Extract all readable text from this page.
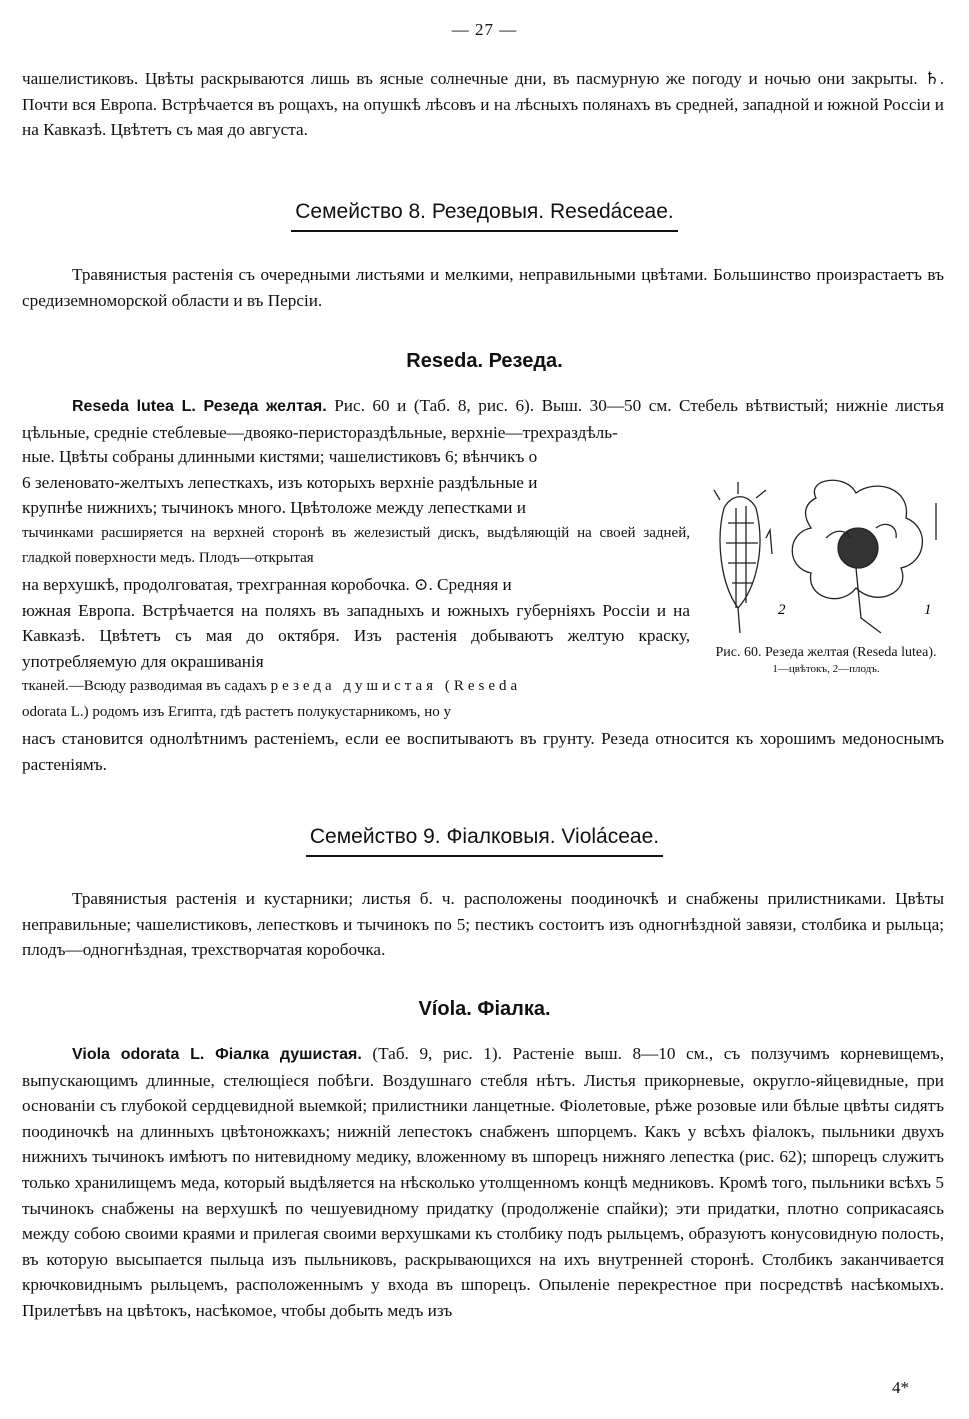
— 27 —
чашелистиковъ. Цвѣты раскрываются лишь въ ясные солнечные дни, въ пасмурную же погоду и ночью они закрыты. ♄. Почти вся Европа. Встрѣчается въ рощахъ, на опушкѣ лѣсовъ и на лѣсныхъ полянахъ въ средней, западной и южной Россіи и на Кавказѣ. Цвѣтетъ съ мая до августа.
Семейство 8. Резедовыя. Resedáceae.
Травянистыя растенія съ очередными листьями и мелкими, неправильными цвѣтами. Большинство произрастаетъ въ средиземноморской области и въ Персіи.
Reseda. Резеда.
Reseda lutea L. Резеда желтая. Рис. 60 и (Таб. 8, рис. 6). Выш. 30—50 см. Стебель вѣтвистый; нижніе листья цѣльные, средніе стеблевые—двояко-перистораздѣльные, верхніе—трехраздѣль-
ные. Цвѣты собраны длинными кистями; чашелистиковъ 6; вѣнчикъ о
6 зеленовато-желтыхъ лепесткахъ, изъ которыхъ верхніе раздѣльные и
крупнѣе нижнихъ; тычинокъ много. Цвѣтоложе между лепестками и
тычинками расширяется на верхней сторонѣ въ железистый дискъ, выдѣляющій на своей задней, гладкой поверхности медъ. Плодъ—открытая
на верхушкѣ, продолговатая, трехгранная коробочка. ⊙. Средняя и
южная Европа. Встрѣчается на поляхъ въ западныхъ и южныхъ губерніяхъ Россіи и на Кавказѣ. Цвѣтетъ съ мая до октября. Изъ растенія добываютъ желтую краску, употребляемую для окрашиванія
тканей.—Всюду разводимая въ садахъ резеда душистая (Reseda
odorata L.) родомъ изъ Египта, гдѣ растетъ полукустарникомъ, но у
насъ становится однолѣтнимъ растеніемъ, если ее воспитываютъ въ грунту. Резеда относится къ хорошимъ медоноснымъ растеніямъ.
2	1
Рис. 60. Резеда желтая (Reseda lutea).
1—цвѣтокъ, 2—плодъ.
Семейство 9. Фіалковыя. Violáceae.
Травянистыя растенія и кустарники; листья б. ч. расположены поодиночкѣ и снабжены прилистниками. Цвѣты неправильные; чашелистиковъ, лепестковъ и тычинокъ по 5; пестикъ состоитъ изъ одногнѣздной завязи, столбика и рыльца; плодъ—одногнѣздная, трехстворчатая коробочка.
Víola. Фіалка.
Viola odorata L. Фіалка душистая. (Таб. 9, рис. 1). Растеніе выш. 8—10 см., съ ползучимъ корневищемъ, выпускающимъ длинные, стелющіеся побѣги. Воздушнаго стебля нѣтъ. Листья прикорневые, округло-яйцевидные, при основаніи съ глубокой сердцевидной выемкой; прилистники ланцетные. Фіолетовые, рѣже розовые или бѣлые цвѣты сидятъ поодиночкѣ на длинныхъ цвѣтоножкахъ; нижній лепестокъ снабженъ шпорцемъ. Какъ у всѣхъ фіалокъ, пыльники двухъ нижнихъ тычинокъ имѣютъ по нитевидному медику, вложенному въ шпорецъ нижняго лепестка (рис. 62); шпорецъ служитъ только хранилищемъ меда, который выдѣляется на нѣсколько утолщенномъ концѣ медниковъ. Кромѣ того, пыльники всѣхъ 5 тычинокъ снабжены на верхушкѣ по чешуевидному придатку (продолженіе спайки); эти придатки, плотно соприкасаясь между собою своими краями и прилегая своими верхушками къ столбику подъ рыльцемъ, образуютъ конусовидную полость, въ которую высыпается пыльца изъ пыльниковъ, раскрывающихся на ихъ внутренней сторонѣ. Столбикъ заканчивается крючковиднымъ рыльцемъ, расположеннымъ у входа въ шпорецъ. Опыленіе перекрестное при посредствѣ насѣкомыхъ. Прилетѣвъ на цвѣтокъ, насѣкомое, чтобы добыть медъ изъ
4*
